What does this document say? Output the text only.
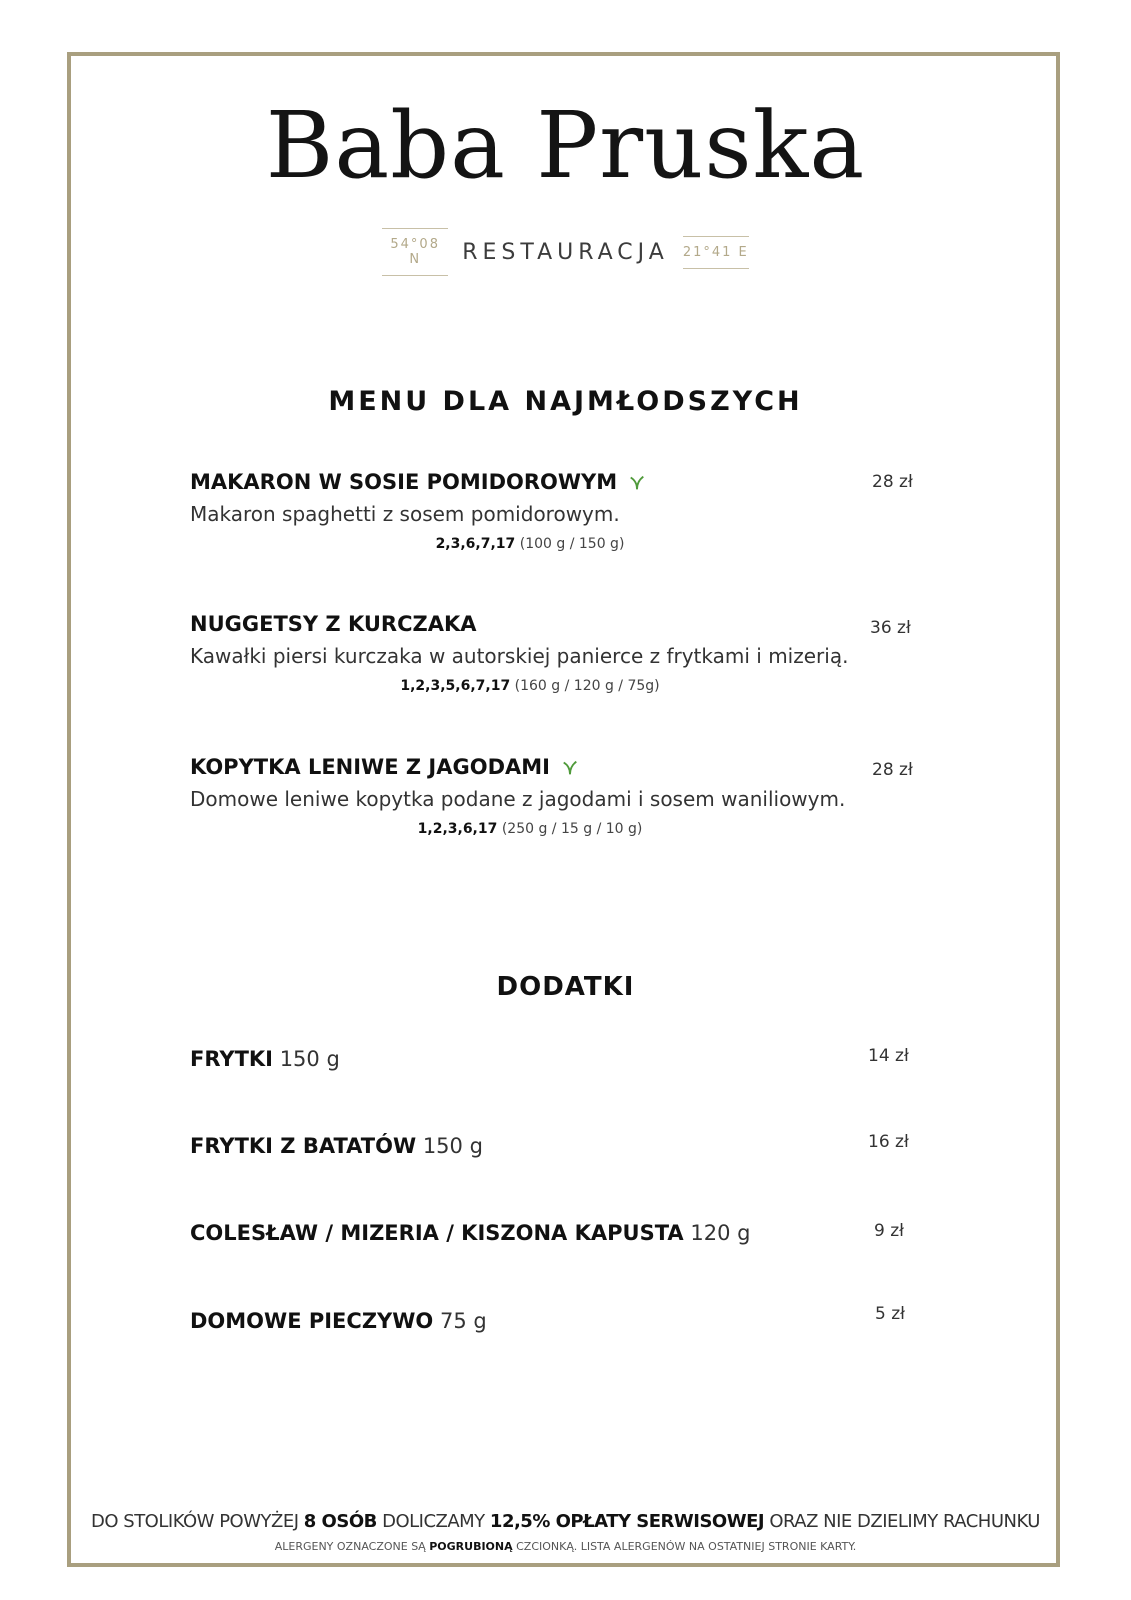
Baba Pruska
54°08 N	RESTAURACJA 21°41 E
MENU DLA NAJMŁODSZYCH
MAKARON W SOSIE POMIDOROWYM
Makaron spaghetti z sosem pomidorowym.
2,3,6,7,17 (100 g / 150 g)
28 zł
NUGGETSY Z KURCZAKA
Kawałki piersi kurczaka w autorskiej panierce z frytkami i mizerią.
1,2,3,5,6,7,17 (160 g / 120 g / 75g)
36 zł
KOPYTKA LENIWE Z JAGODAMI
Domowe leniwe kopytka podane z jagodami i sosem waniliowym.
1,2,3,6,17 (250 g / 15 g / 10 g)
28 zł
DODATKI
FRYTKI 150 g	14 zł
FRYTKI Z BATATÓW 150 g	16 zł
COLESŁAW / MIZERIA / KISZONA KAPUSTA 120 g	9 zł
DOMOWE PIECZYWO 75 g	5 zł
DO STOLIKÓW POWYŻEJ 8 OSÓB DOLICZAMY 12,5% OPŁATY SERWISOWEJ ORAZ NIE DZIELIMY RACHUNKU
ALERGENY OZNACZONE SĄ POGRUBIONĄ CZCIONKĄ. LISTA ALERGENÓW NA OSTATNIEJ STRONIE KARTY.
